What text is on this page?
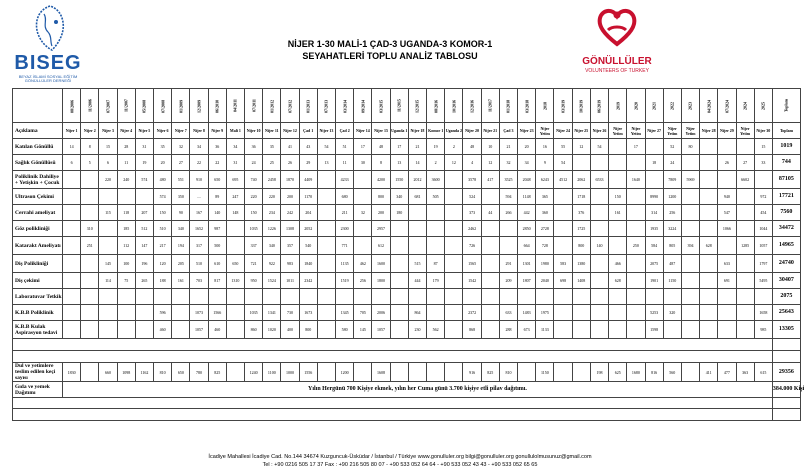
BISEG
BEYAZ İSLAMİ SOSYAL EĞİTİM GÖNÜLLÜLER DERNEĞİ
NİJER 1-30 MALİ-1 ÇAD-3 UGANDA-3 KOMOR-1
SEYAHATLERİ TOPLU ANALİZ TABLOSU	GÖNÜLLÜLER
VOLUNTEERS OF TURKEY
	08/2006	11/2006	07/2007	11/2007	05/2008	07/2008	01/2009	12/2009	06/2010	04/2011	07/2011	01/2012	07/2012	01/2013	07/2013	03/2014	09/2014	03/2015	11/2015	12/2015	08/2016	10/2016	12/2016	11/2017	01/2018	03/2018	2018	03/2019	10/2019	06/2019	2019	2020	2021	2022	2023	04/2024	07/2024	2024	2025	Toplam
Açıklama	Nijer 1	Nijer 2	Nijer 3	Nijer 4	Nijer 5	Nijer 6	Nijer 7	Nijer 8	Nijer 9	Mali 1	Nijer 10	Nijer 11	Nijer 12	Çad 1	Nijer 13	Çad 2	Nijer 14	Nijer 15	Uganda 1	Nijer 18	Komor 1	Uganda 2	Nijer 20	Nijer 21	Çad 3	Nijer 23	Nijer Yetim	Nijer 24	Nijer 25	Nijer 26	Nijer Yetim	Nijer Yetim	Nijer 27	Nijer Yetim	Nijer Yetim	Nijer 28	Nijer 29	Nijer Yetim	Nijer 30	Toplam
Katılan Gönüllü	14	8	15	28	31	35	32	34	36	34	36	35	41	43	54	51	17	48	17	21	19	2	48	10	21	20	16	55	12	54		17		52	80				15	1019
Sağlık Gönüllüsü	6	5	6	11	19	20	27	22	22	31	24	25	26	29	13	11	30	8	13	14	2	12	4	12	32	34	9	54					18	24			26	27	33	744
Poliklinik Dahiliye + Yetişkin + Çocuk			220	240	574	480	551	910	650	695	740	2458	1870	4409		4233		4200	1550	2012	3600		3578	417	3525	2048	6243	4512	2062	6533		1640		7809	5969			6602		87105
Ultrason Çekimi						574	350	....	89	247	220	220	200	1170		680		800	340	681	505		524		594	1148	365		1718		150		8990	1200			940		972	17721
Cerrahi ameliyat			115	118	207	150	90	167	140	148	150	234	242	204		211	32	200	180				373	44	266	442	360		376		161		314	256			547		454	7560
Göz polikliniği		310		185	512	510	340	1652	987		1035	1226	1308	2052		2300		2957					2462			2850	2728		1725				1935	3224			1066		1044	34472
Katarakt Ameliyatı		251		112	147	217	194	317	500		337	340	357	540		771		612					726			664	728		800	140		250	584	805	394	628		1285	1057	14965
Diş Polikliniği			145	100	196	120	205	510	610	650	721	922	983	1840		1135	462	1600		515	87		1565		291	1301	1980	583	1380		466		2075	487			633		1797	24740
Diş çekimi			114	75	265	188	161	703	817	1310	950	1524	1011	2342		1519	256	1800		444	179		1542		209	1807	2040	698	1408		628		1901	1150			691		5495	30407
Laboratuvar Tetkik																																								2075
K.B.B Poliklinik						596		1073	1566		1035	1341	730	1673		1345	705	2006		864			2372		633	1483	1975						5253	320					1658	25643
K.B.B Kulak Aspirasyon tedavi						460		1057	460		860	1020	400	800		580	145	1057		230	562		868		288	673	1133						1598						985	13305

Dul ve yetimlere teslim edilen keçi sayısı	1830		660	1098	1162	810	650	780	825		1240	1100	1000	1556		1200		1608					916	825	810		1150			198	625	1680	816	560		411	477	363	615	29356
Gıda ve yemek Dağıtımı	Yılın Hergünü 700 Kişiye ekmek, yılın her Cuma günü 3.700 kişiye etli pilav dağıtımı.																																							384.000 Kişi

İcadiye Mahallesi İcadiye Cad. No.144 34674 Kuzguncuk-Üsküdar / İstanbul / Türkiye www.gonulluler.org bilgi@gonulluler.org gonullulolmusunuz@gmail.com
Tel : +90 0216 505 17 37 Fax : +90 216 505 80 07 - +90 533 052 64 64 - +90 533 052 43 43 - +90 533 052 65 65
